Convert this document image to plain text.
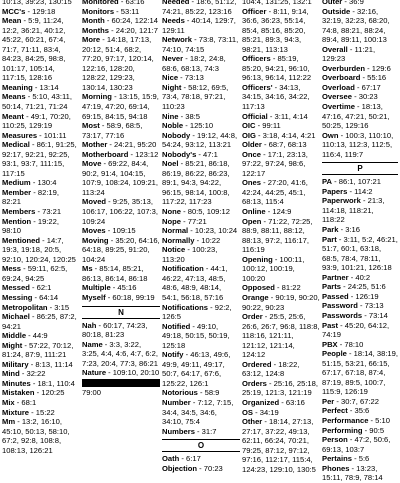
10:13, 39:23, 130:15
MCC's - 129:18
Mean - 5:9, 11:24, 12:2, 36:21, 40:12, 45:22, 60:21, 67:4, 71:7, 71:11, 83:4, 84:23, 84:25, 98:8, 101:17, 105:14, 117:15, 128:16
Meaning - 13:14
Means - 5:10, 43:11, 50:14, 71:21, 71:24
Meant - 49:1, 70:20, 110:25, 129:19
Measures - 101:11
Medical - 86:1, 91:25, 92:17, 92:21, 92:25, 93:1, 93:7, 111:15, 117:15
Medium - 130:4
Member - 82:19, 82:21
Members - 73:21
Mention - 19:22, 98:10
Mentioned - 14:7, 19:3, 19:18, 20:5, 92:10, 120:24, 120:25
Mess - 59:11, 62:5, 69:24, 94:25
Messed - 62:1
Messing - 64:14
Metropolitan - 3:15
Michael - 86:25, 87:2, 94:21
Middle - 44:9
Might - 57:22, 70:12, 81:24, 87:9, 111:21
Military - 8:13, 11:14
Mind - 32:22
Minutes - 18:1, 110:4
Mistaken - 120:25
Mix - 68:1
Mixture - 15:22
Mm - 13:2, 16:10, 45:10, 50:13, 58:10, 67:2, 92:8, 108:8, 108:13, 126:21
Monitored - 63:16
Monitors - 53:11
Month - 60:24, 122:14
Months - 24:20, 121:7
More - 14:18, 17:13, 20:12, 51:4, 68:2, 77:20, 97:17, 120:14, 122:16, 128:20, 128:22, 129:23, 130:14, 130:23
Morning - 13:15, 15:9, 47:19, 47:20, 69:14, 69:15, 84:15, 94:18
Most - 58:9, 68:5, 73:17, 77:16
Mother - 24:21, 95:20
Motherboard - 123:12
Move - 69:22, 84:4, 90:2, 91:4, 104:15, 107:9, 108:24, 109:21, 113:24
Moved - 9:25, 35:13, 106:17, 106:22, 107:3, 109:24
Moves - 109:15
Moving - 35:20, 64:16, 64:18, 89:25, 91:20, 104:24
Ms - 85:14, 85:21, 86:13, 86:14, 86:18
Multiple - 45:16
Myself - 60:18, 99:19
N
Nah - 60:17, 74:23, 80:18, 81:23
Name - 3:3, 3:22, 3:25, 4:4, 4:6, 4:7, 6:2, 7:23, 20:4, 77:3, 86:21
Nature - 109:10, 20:10
79:00
Needed - 18:6, 51:12, 74:21, 85:22, 123:16
Needs - 40:14, 129:7, 129:11
Network - 73:8, 73:11, 74:10, 74:15
Never - 18:2, 24:8, 68:6, 68:13, 74:3
Nice - 73:13
Night - 58:12, 69:5, 73:4, 78:18, 97:21, 110:23
Nine - 38:5
Noble - 125:10
Nobody - 19:12, 44:8, 54:24, 93:12, 113:21
Nobody's - 47:1
Noel - 85:21, 86:18, 86:19, 86:22, 86:23, 89:1, 94:3, 94:22, 96:15, 98:14, 100:8, 117:22, 117:23
None - 80:5, 109:12
Nope - 77:21
Normal - 10:23, 10:24
Normally - 10:22
Notice - 100:23, 113:20
Notification - 44:1, 46:22, 47:13, 48:5, 48:6, 48:9, 48:14, 54:1, 56:18, 57:16
Notifications - 92:2, 126:5
Notified - 49:10, 49:18, 50:15, 50:19, 125:18
Notify - 46:13, 49:6, 49:9, 49:11, 49:17, 50:7, 64:17, 67:6, 125:22, 126:1
Notorious - 58:9
Number - 7:12, 7:15, 34:4, 34:5, 34:6, 34:10, 75:4
Numbers - 31:7
O
Oath - 6:17
Objection - 70:23
104:4, 131:25, 132:1
Officer - 8:11, 9:14, 36:6, 36:23, 55:14, 85:4, 85:16, 85:20, 85:21, 89:3, 94:3, 98:21, 113:13
Officers - 85:19, 85:20, 94:21, 96:10, 96:13, 96:14, 112:22
Officers' - 34:13, 34:15, 34:16, 34:22, 117:13
Official - 3:11, 4:14
OIC - 99:11
OIG - 3:18, 4:14, 4:21
Older - 68:7, 68:13
Once - 17:1, 23:13, 97:22, 97:24, 98:6, 122:17
Ones - 27:20, 41:6, 42:24, 44:25, 45:1, 68:13, 115:4
Online - 124:9
Open - 71:22, 72:25, 88:9, 88:11, 88:12, 88:13, 97:2, 116:17, 116:19
Opening - 100:11, 100:12, 100:19, 100:20
Opposed - 81:22
Orange - 90:19, 90:20, 90:22, 90:23
Order - 25:5, 25:6, 26:6, 26:7, 96:8, 118:8, 118:16, 121:11, 121:12, 121:14, 124:12
Ordered - 18:22, 63:12, 124:8
Orders - 25:16, 25:18, 25:19, 121:3, 121:19
Organized - 63:16
OS - 34:19
Other - 18:14, 27:13, 27:17, 37:22, 49:13, 62:11, 66:24, 70:21, 79:25, 87:12, 97:12, 97:16, 112:17, 115:4, 124:23, 129:10, 130:5
Outer - 36:9
Outside - 32:16, 32:19, 32:23, 68:20, 74:8, 88:21, 88:24, 89:4, 89:11, 100:13
Overall - 11:21, 129:23
Overburden - 129:6
Overboard - 55:16
Overload - 67:17
Oversee - 30:23
Overtime - 18:13, 47:16, 47:21, 50:21, 50:25, 129:16
Own - 100:3, 110:10, 110:13, 112:3, 112:5, 116:4, 119:7
P
PA - 86:1, 107:21
Papers - 114:2
Paperwork - 21:3, 114:18, 118:21, 118:22
Park - 3:16
Part - 3:11, 5:2, 46:21, 51:7, 60:1, 63:18, 68:5, 78:4, 78:11, 93:9, 101:21, 126:18
Partner - 40:2
Parts - 24:25, 51:6
Passed - 126:19
Password - 73:13
Passwords - 73:14
Past - 45:20, 64:12, 74:19
PBX - 78:10
People - 18:14, 38:19, 51:15, 53:21, 66:15, 67:17, 67:18, 87:4, 87:19, 89:5, 100:7, 115:9, 126:19
Per - 30:7, 67:22
Perfect - 35:6
Performance - 5:10
Performing - 90:5
Person - 47:2, 50:6, 69:13, 103:7
Pertains - 5:6
Phones - 13:23, 15:11, 78:9, 78:14
